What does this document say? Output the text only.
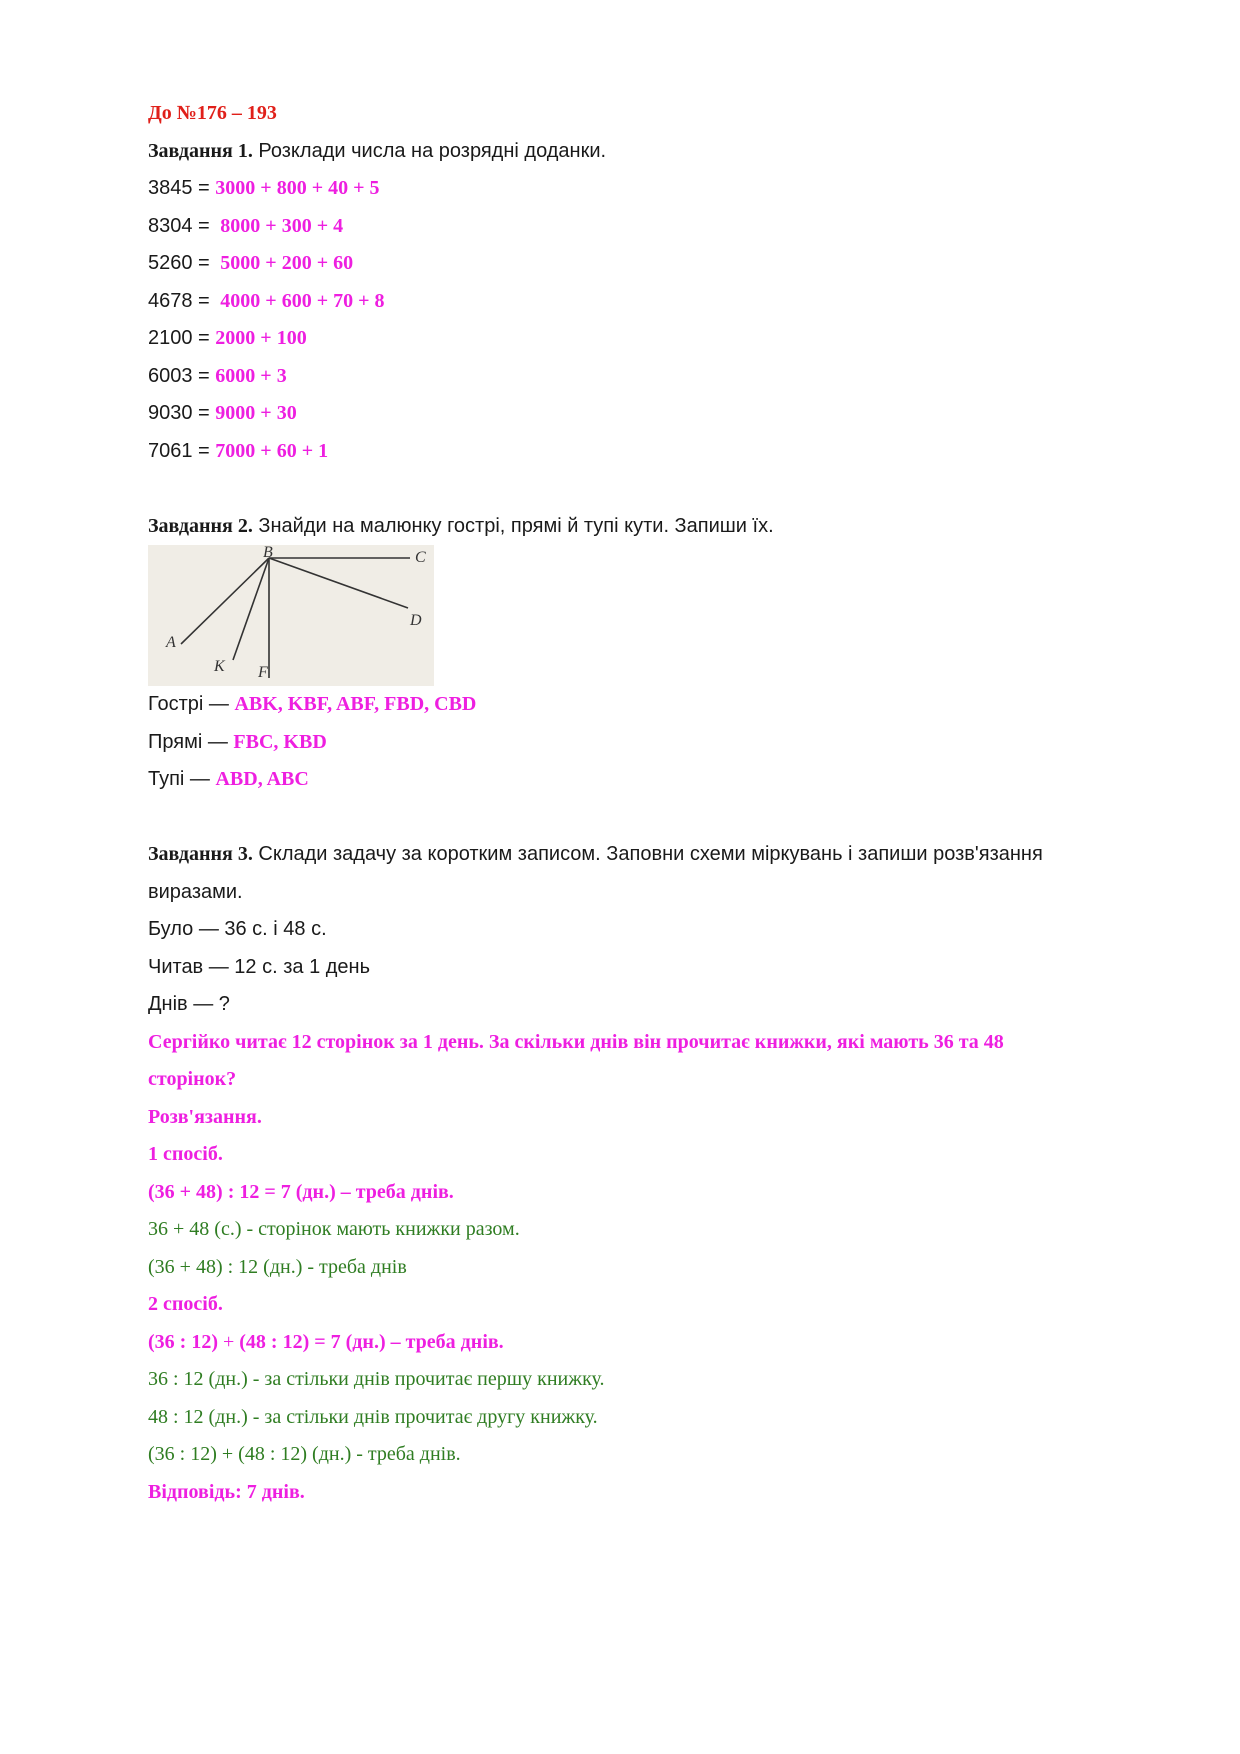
До №176 – 193
Завдання 1. Розклади числа на розрядні доданки.
3845 = 3000 + 800 + 40 + 5
8304 =  8000 + 300 + 4
5260 =  5000 + 200 + 60
4678 =  4000 + 600 + 70 + 8
2100 = 2000 + 100
6003 = 6000 + 3
9030 = 9000 + 30
7061 = 7000 + 60 + 1
Завдання 2. Знайди на малюнку гострі, прямі й тупі кути. Запиши їх.
B	C
D
A
K F
Гострі — ABK, KBF, ABF, FBD, CBD
Прямі — FBC, KBD
Тупі — ABD, ABC
Завдання 3. Склади задачу за коротким записом. Заповни схеми міркувань і запиши розв'язання
виразами.
Було — 36 с. і 48 с.
Читав — 12 с. за 1 день
Днів — ?
Сергійко читає 12 сторінок за 1 день. За скільки днів він прочитає книжки, які мають 36 та 48
сторінок?
Розв'язання.
1 спосіб.
(36 + 48) : 12 = 7 (дн.) – треба днів.
36 + 48 (с.) - сторінок мають книжки разом.
(36 + 48) : 12 (дн.) - треба днів
2 спосіб.
(36 : 12) + (48 : 12) = 7 (дн.) – треба днів.
36 : 12 (дн.) - за стільки днів прочитає першу книжку.
48 : 12 (дн.) - за стільки днів прочитає другу книжку.
(36 : 12) + (48 : 12) (дн.) - треба днів.
Відповідь: 7 днів.
